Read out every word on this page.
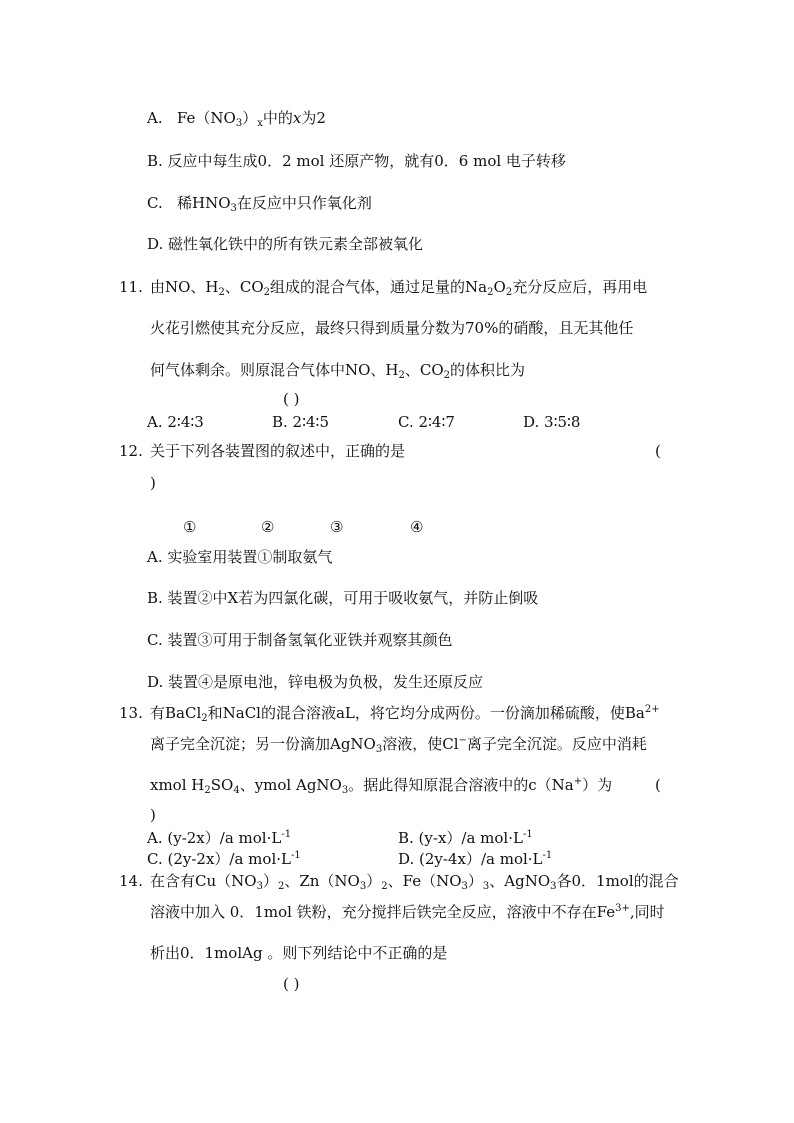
A. $Fe(NO_3)_x$中的x为2
B. 反应中每生成0．2 mol 还原产物，就有0．6 mol 电子转移
C. 稀$HNO_3$在反应中只作氧化剂
D. 磁性氧化铁中的所有铁元素全部被氧化
11. 由NO、$H_2$、$CO_2$组成的混合气体，通过足量的$Na_2O_2$充分反应后，再用电
火花引燃使其充分反应，最终只得到质量分数为70%的硝酸，且无其他任
何气体剩余。则原混合气体中NO、$H_2$、$CO_2$的体积比为
( )
A. 2∶4∶3	B. 2∶4∶5	C. 2∶4∶7	D. 3∶5∶8
12. 关于下列各装置图的叙述中，正确的是	(
)
①	②	③	④
A. 实验室用装置①制取氨气
B. 装置②中X若为四氯化碳，可用于吸收氨气，并防止倒吸
C. 装置③可用于制备氢氧化亚铁并观察其颜色
D. 装置④是原电池，锌电极为负极，发生还原反应
13. 有BaCl$_2$和NaCl的混合溶液aL，将它均分成两份。一份滴加稀硫酸，使$Ba^{2+}$
离子完全沉淀；另一份滴加AgNO$_3$溶液，使Cl−离子完全沉淀。反应中消耗
xmol $H_2SO_4$、ymol AgNO$_3$。据此得知原混合溶液中的c（Na+）为	(
)
A. (y-2x）/a $mol\cdot L^{-1}$	B. (y-x）/a $mol\cdot L^{-1}$
C. (2y-2x）/a $mol\cdot L^{-1}$	D. (2y-4x）/a $mol\cdot L^{-1}$
14. 在含有$Cu(NO_3)_2$、$Zn(NO_3)_2$、$Fe(NO_3)_3$、AgNO$_3$各0．1mol的混合
溶液中加入 0．1mol 铁粉，充分搅拌后铁完全反应，溶液中不存在$Fe^{3+}$,同时
析出0．1molAg 。则下列结论中不正确的是
( )
